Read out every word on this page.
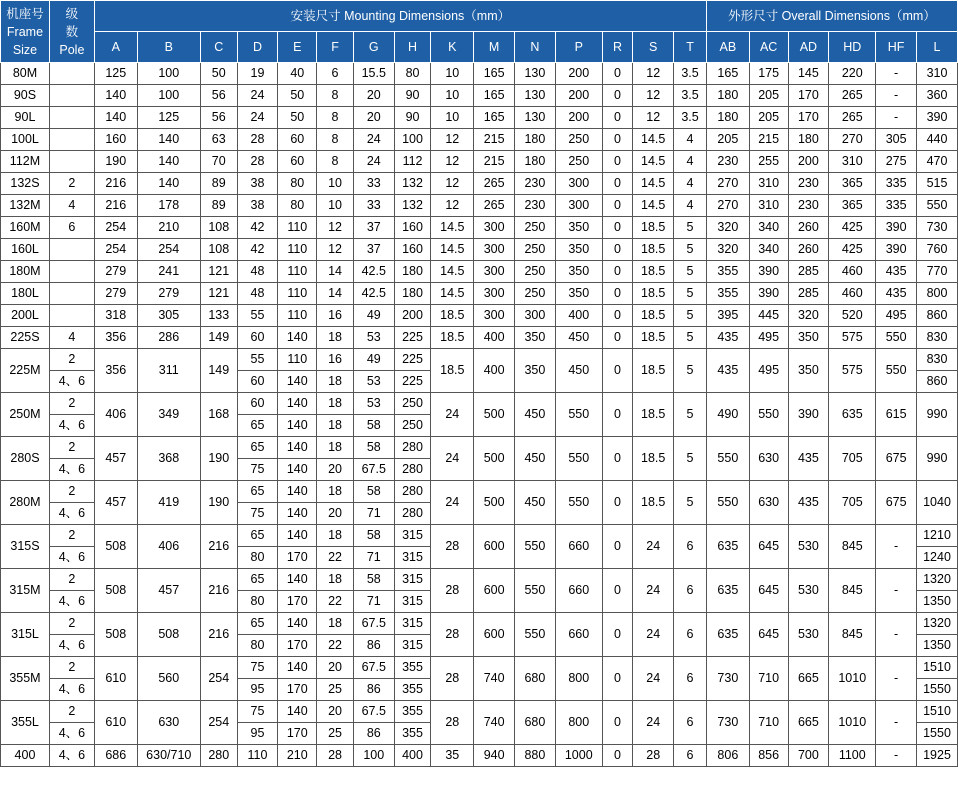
机座号
Frame
Size	级
数
Pole	安装尺寸 Mounting Dimensions（mm）															外形尺寸 Overall Dimensions（mm）					
		A	B	C	D	E	F	G	H	K	M	N	P	R	S	T	AB	AC	AD	HD	HF	L
80M		125	100	50	19	40	6	15.5	80	10	165	130	200	0	12	3.5	165	175	145	220	-	310
90S		140	100	56	24	50	8	20	90	10	165	130	200	0	12	3.5	180	205	170	265	-	360
90L		140	125	56	24	50	8	20	90	10	165	130	200	0	12	3.5	180	205	170	265	-	390
100L		160	140	63	28	60	8	24	100	12	215	180	250	0	14.5	4	205	215	180	270	305	440
112M		190	140	70	28	60	8	24	112	12	215	180	250	0	14.5	4	230	255	200	310	275	470
132S	2	216	140	89	38	80	10	33	132	12	265	230	300	0	14.5	4	270	310	230	365	335	515
132M	4	216	178	89	38	80	10	33	132	12	265	230	300	0	14.5	4	270	310	230	365	335	550
160M	6	254	210	108	42	110	12	37	160	14.5	300	250	350	0	18.5	5	320	340	260	425	390	730
160L		254	254	108	42	110	12	37	160	14.5	300	250	350	0	18.5	5	320	340	260	425	390	760
180M		279	241	121	48	110	14	42.5	180	14.5	300	250	350	0	18.5	5	355	390	285	460	435	770
180L		279	279	121	48	110	14	42.5	180	14.5	300	250	350	0	18.5	5	355	390	285	460	435	800
200L		318	305	133	55	110	16	49	200	18.5	300	300	400	0	18.5	5	395	445	320	520	495	860
225S	4	356	286	149	60	140	18	53	225	18.5	400	350	450	0	18.5	5	435	495	350	575	550	830
225M	2	356	311	149	55	110	16	49	225	18.5	400	350	450	0	18.5	5	435	495	350	575	550	830
	4、6				60	140	18	53	225													860
250M	2	406	349	168	60	140	18	53	250	24	500	450	550	0	18.5	5	490	550	390	635	615	990
	4、6				65	140	18	58	250													
280S	2	457	368	190	65	140	18	58	280	24	500	450	550	0	18.5	5	550	630	435	705	675	990
	4、6				75	140	20	67.5	280													
280M	2	457	419	190	65	140	18	58	280	24	500	450	550	0	18.5	5	550	630	435	705	675	1040
	4、6				75	140	20	71	280													
315S	2	508	406	216	65	140	18	58	315	28	600	550	660	0	24	6	635	645	530	845	-	1210
	4、6				80	170	22	71	315													1240
315M	2	508	457	216	65	140	18	58	315	28	600	550	660	0	24	6	635	645	530	845	-	1320
	4、6				80	170	22	71	315													1350
315L	2	508	508	216	65	140	18	67.5	315	28	600	550	660	0	24	6	635	645	530	845	-	1320
	4、6				80	170	22	86	315													1350
355M	2	610	560	254	75	140	20	67.5	355	28	740	680	800	0	24	6	730	710	665	1010	-	1510
	4、6				95	170	25	86	355													1550
355L	2	610	630	254	75	140	20	67.5	355	28	740	680	800	0	24	6	730	710	665	1010	-	1510
	4、6				95	170	25	86	355													1550
400	4、6	686	630/710	280	110	210	28	100	400	35	940	880	1000	0	28	6	806	856	700	1100	-	1925
